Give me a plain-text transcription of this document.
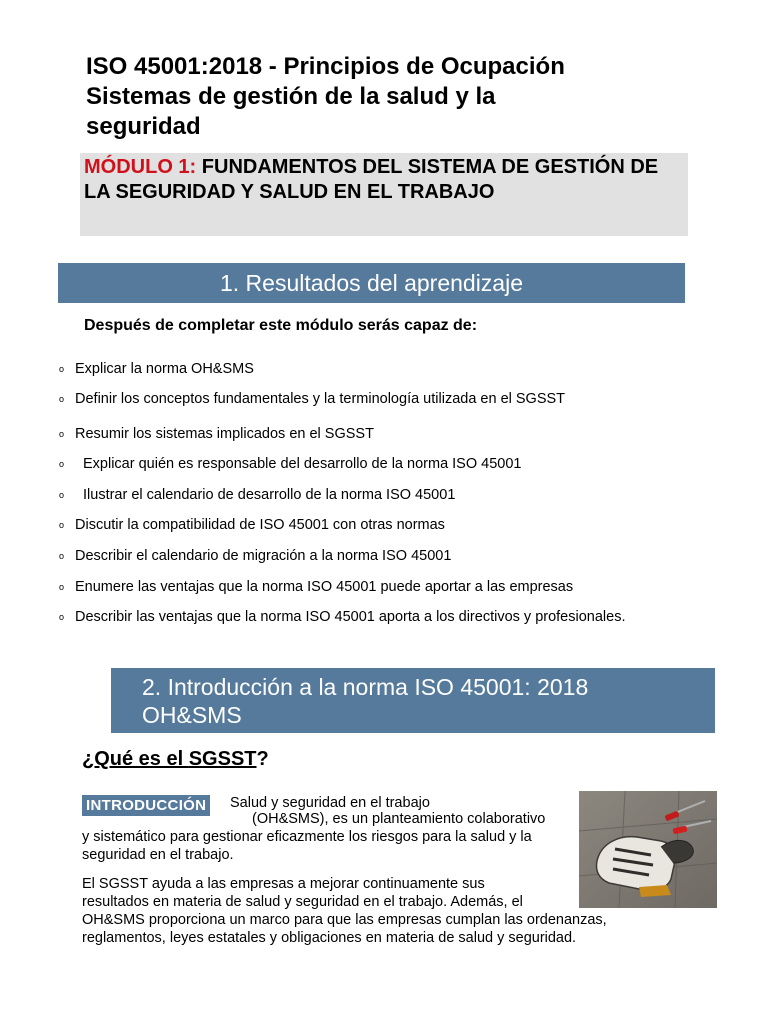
ISO 45001:2018 - Principios de Ocupación
Sistemas de gestión de la salud y la
seguridad
MÓDULO 1: FUNDAMENTOS DEL SISTEMA DE GESTIÓN DE LA SEGURIDAD Y SALUD EN EL TRABAJO
1. Resultados del aprendizaje
Después de completar este módulo serás capaz de:
o Explicar la norma OH&SMS
o Definir los conceptos fundamentales y la terminología utilizada en el SGSST
o Resumir los sistemas implicados en el SGSST
o Explicar quién es responsable del desarrollo de la norma ISO 45001
o Ilustrar el calendario de desarrollo de la norma ISO 45001
o Discutir la compatibilidad de ISO 45001 con otras normas
o Describir el calendario de migración a la norma ISO 45001
o Enumere las ventajas que la norma ISO 45001 puede aportar a las empresas
o Describir las ventajas que la norma ISO 45001 aporta a los directivos y profesionales.
2. Introducción a la norma ISO 45001: 2018
OH&SMS
¿Qué es el SGSST?
INTRODUCCIÓN Salud y seguridad en el trabajo
(OH&SMS), es un planteamiento colaborativo
y sistemático para gestionar eficazmente los riesgos para la salud y la
seguridad en el trabajo.
El SGSST ayuda a las empresas a mejorar continuamente sus
resultados en materia de salud y seguridad en el trabajo. Además, el
OH&SMS proporciona un marco para que las empresas cumplan las ordenanzas,
reglamentos, leyes estatales y obligaciones en materia de salud y seguridad.
